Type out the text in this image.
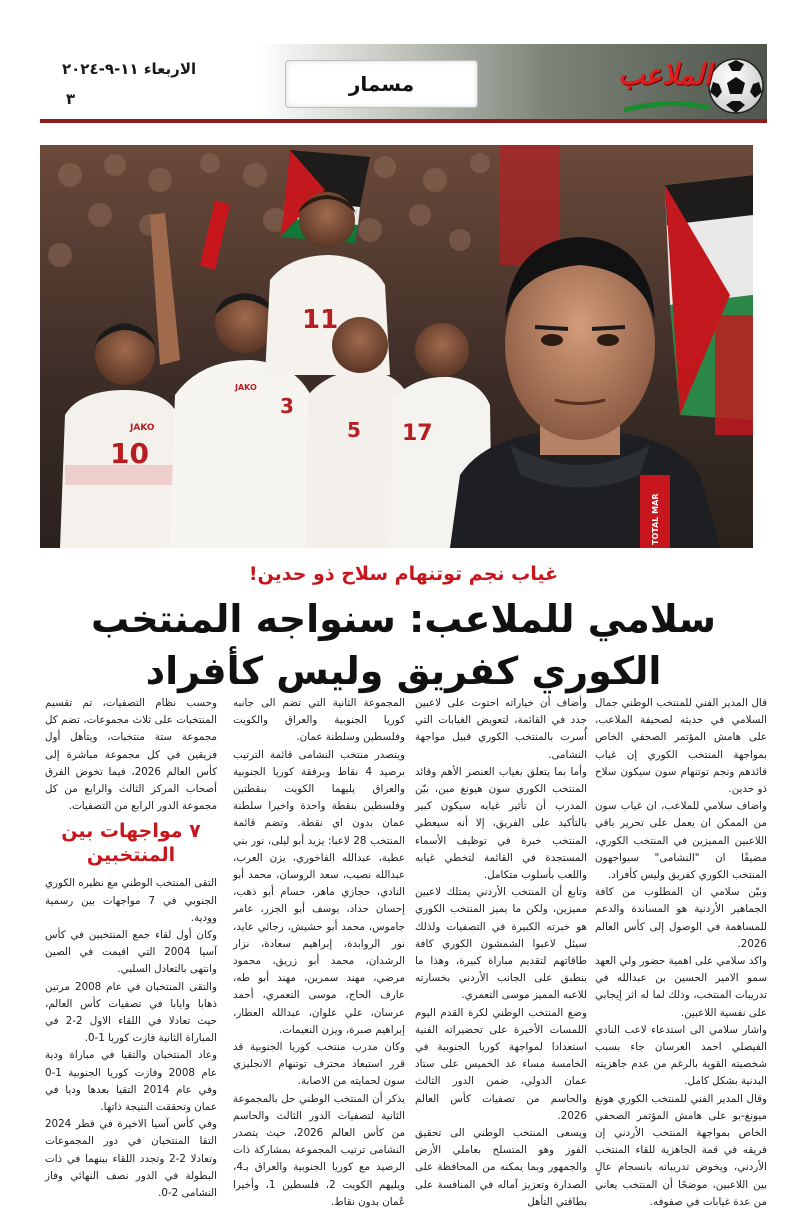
الاربعاء ١١-٩-٢٠٢٤
٣
مسمار	الملاعب
10
JAKO
3
JAKO
11
5 17
TOTAL MAR
غياب نجم توتنهام سلاح ذو حدين!
سلامي للملاعب: سنواجه المنتخب
الكوري كفريق وليس كأفراد

قال المدير الفني للمنتخب الوطني جمال السلامي في حديثه لصحيفة الملاعب، على هامش المؤتمر الصحفي الخاص بمواجهة المنتخب الكوري إن غياب قائدهم ونجم توتنهام سون سيكون سلاح ذو حدين.

واضاف سلامي للملاعب، ان غياب سون من الممكن ان يعمل على تحرير باقي اللاعبين المميزين في المنتخب الكوري، مضيفًا ان "النشامى" سيواجهون المنتخب الكوري كفريق وليس كأفراد.

وبيّن سلامي ان المطلوب من كافة الجماهير الأردنية هو المساندة والدعم للمساهمة في الوصول إلى كأس العالم 2026.

واكد سلامي على اهمية حضور ولي العهد سمو الامير الحسين بن عبدالله في تدريبات المنتخب، وذلك لما له اثر إيجابي على نفسية اللاعبين.

واشار سلامي الى استدعاء لاعب النادي الفيصلي احمد العرسان جاء بسبب شخصيته القوية بالرغم من عدم جاهزيته البدنية بشكل كامل.

وقال المدير الفني للمنتخب الكوري هونغ ميونغ-بو على هامش المؤتمر الصحفي الخاص بمواجهة المنتخب الأردني إن فريقه في قمة الجاهزية للقاء المنتخب الأردني، ويخوض تدريباته بانسجام عالٍ بين اللاعبين، موضحًا أن المنتخب يعاني من عدة غيابات في صفوفه.

وأضاف أن خياراته احتوت على لاعبين جدد في القائمة، لتعويض الغيابات التي أُسرت بالمنتخب الكوري قبيل مواجهة النشامى.

وأما بما يتعلق بغياب العنصر الأهم وقائد المنتخب الكوري سون هيونغ مين، بيّن المدرب أن تأثير غيابه سيكون كبير بالتأكيد على الفريق، إلا أنه سيعطي المنتخب خبرة في توظيف الأسماء المستجدة في القائمة لتخطي غيابه واللعب بأسلوب متكامل.

وتابع أن المنتخب الأردني يمتلك لاعبين مميزين، ولكن ما يميز المنتخب الكوري هو خبرته الكبيرة في التصفيات ولذلك سيئل لاعبوا الشمشون الكوري كافة طاقاتهم لتقديم مباراة كبيرة، وهذا ما ينطبق على الجانب الأردني بخسارته للاعبه المميز موسى التعمري.

وضع المنتخب الوطني لكرة القدم اليوم اللمسات الأخيرة على تحضيراته الفنية استعدادا لمواجهة كوريا الجنوبية في الخامسة مساء غد الخميس على ستاد عمان الدولي، ضمن الدور الثالث والحاسم من تصفيات كأس العالم 2026.

ويسعى المنتخب الوطني الى تحقيق الفوز وهو المتسلح بعاملي الأرض والجمهور وبما يمكنه من المحافظة على الصدارة وتعزيز آماله في المنافسة على بطاقتي التأهل

المجموعة الثانية التي تضم الى جانبه كوريا الجنوبية والعراق والكويت وفلسطين وسلطنة عمان.

ويتصدر منتخب النشامى قائمة الترتيب برصيد 4 نقاط وبرفقة كوريا الجنوبية والعراق يليهما الكويت بنقطتين وفلسطين بنقطة واحدة واخيرا سلطنة عمان بدون اي نقطة. وتضم قائمة المنتخب 28 لاعبا: يزيد أبو ليلى، نور بني عطية، عبدالله الفاخوري، يزن العرب، عبدالله نصيب، سعد الروسان، محمد أبو النادي، حجازي ماهر، حسام أبو ذهب، إحسان حداد، يوسف أبو الجزر، عامر جاموس، محمد أبو حشيش، رجائي عايد، نور الروابدة، إبراهيم سعادة، نزار الرشدان، محمد أبو زريق، محمود مرضي، مهند سمرين، مهند أبو طه، عارف الحاج، موسى التعمري، أحمد عرسان، علي علوان، عبدالله العطار، إبراهيم صبرة، ويزن النعيمات.

وكان مدرب منتخب كوريا الجنوبية قد قرر استبعاد محترف توتنهام الانجليزي سون لحمايته من الاصابة.

يذكر أن المنتخب الوطني حل بالمجموعة الثانية لتصفيات الدور الثالث والحاسم من كأس العالم 2026، حيث يتصدر النشامى ترتيب المجموعة بمشاركة ذات الرصيد مع كوريا الجنوبية والعراق بـ4، ويليهم الكويت 2، فلسطين 1، وأخيرا عُمان بدون نقاط.

وحسب نظام التصفيات، تم تقسيم المنتخبات على ثلاث مجموعات، تضم كل مجموعة ستة منتخبات، ويتأهل أول فريقين في كل مجموعة مباشرة إلى كأس العالم 2026، فيما تخوض الفرق أصحاب المركز الثالث والرابع من كل مجموعة الدور الرابع من التصفيات.

٧ مواجهات بين المنتخبين

التقى المنتخب الوطني مع نظيره الكوري الجنوبي في 7 مواجهات بين رسمية وودية.

وكان أول لقاء جمع المنتخبين في كأس آسيا 2004 التي اقيمت في الصين وانتهى بالتعادل السلبي.

والتقى المنتخبان في عام 2008 مرتين ذهابا وايابا في تصفيات كأس العالم، حيث تعادلا في اللقاء الاول 2-2 في المباراة الثانية فازت كوريا 1-0.

وعاد المنتخبان والتقيا في مباراة ودية عام 2008 وفازت كوريا الجنوبية 1-0 وفي عام 2014 التقيا بعدها وديا في عمان وتحققت النتيجة ذاتها.

وفي كأس آسيا الاخيرة في قطر 2024 التقا المنتخبان في دور المجموعات وتعادلا 2-2 وتجدد اللقاء بينهما في ذات البطولة في الدور نصف النهائي وفاز النشامى 2-0.
